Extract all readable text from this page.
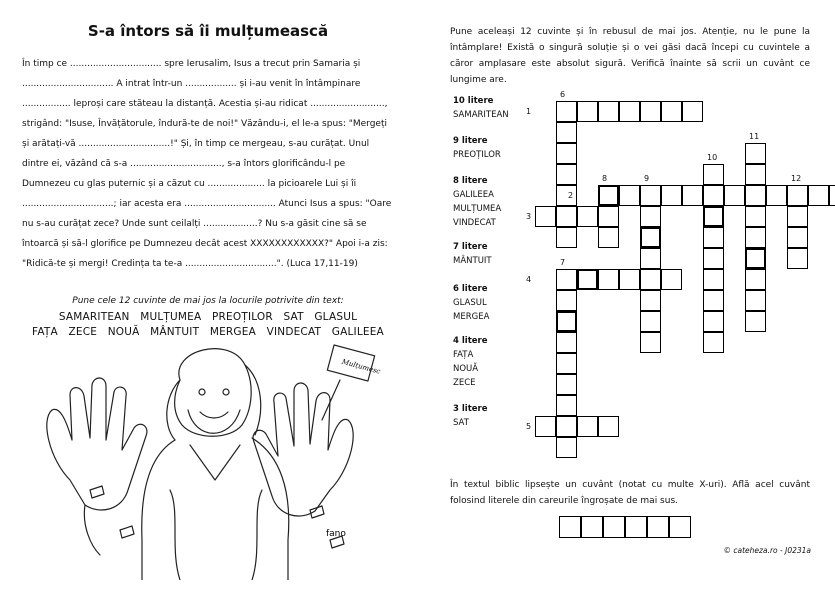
S-a întors să îi mulțumească
În timp ce ................................ spre Ierusalim, Isus a trecut prin Samaria și
................................ A intrat într-un .................. și i-au venit în întâmpinare
................. leproși care stăteau la distanță. Acestia și-au ridicat ..........................,
strigând: "Isuse, Învățătorule, îndură-te de noi!" Văzându-i, el le-a spus: "Mergeți
și arătați-vă ................................!" Și, în timp ce mergeau, s-au curățat. Unul
dintre ei, văzând că s-a ................................, s-a întors glorificându-l pe
Dumnezeu cu glas puternic și a căzut cu .................... la picioarele Lui și îi
................................; iar acesta era ................................ Atunci Isus a spus: "Oare
nu s-au curățat zece? Unde sunt ceilalți ...................? Nu s-a găsit cine să se
întoarcă și să-l glorifice pe Dumnezeu decât acest XXXXXXXXXXXX?" Apoi i-a zis:
"Ridică-te și mergi! Credința ta te-a ................................". (Luca 17,11-19)
Pune cele 12 cuvinte de mai jos la locurile potrivite din text:
SAMARITEAN   MULȚUMEA   PREOȚILOR   SAT   GLASUL
FAȚA   ZECE   NOUĂ   MÂNTUIT   MERGEA   VINDECAT   GALILEEA
Mulțumesc
fano
Pune aceleași 12 cuvinte și în rebusul de mai jos. Atenție, nu le pune la întâmplare! Există o singură soluție și o vei găsi dacă începi cu cuvintele a căror amplasare este absolut sigură. Verifică înainte să scrii un cuvânt ce lungime are.
10 litere
SAMARITEAN
9 litere
PREOȚILOR
8 litere
GALILEEA
MULȚUMEA
VINDECAT
7 litere
MÂNTUIT
6 litere
GLASUL
MERGEA
4 litere
FAȚA
NOUĂ
ZECE
3 litere
SAT
6
1
11
10
8	9	12
2
3
7
4
5
În textul biblic lipsește un cuvânt (notat cu multe X-uri). Află acel cuvânt folosind literele din careurile îngroșate de mai sus.
© cateheza.ro - J0231a
